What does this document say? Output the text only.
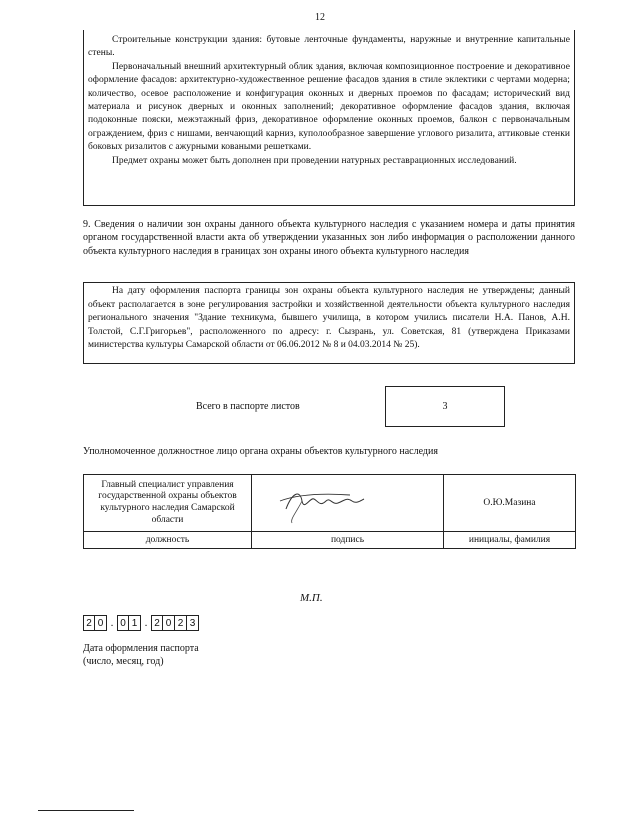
12

Строительные конструкции здания: бутовые ленточные фундаменты, наружные и внутренние капитальные стены.

Первоначальный внешний архитектурный облик здания, включая композиционное построение и декоративное оформление фасадов: архитектурно-художественное решение фасадов здания в стиле эклектики с чертами модерна; количество, осевое расположение и конфигурация оконных и дверных проемов по фасадам; исторический вид материала и рисунок дверных и оконных заполнений; декоративное оформление фасадов здания, включая подоконные пояски, межэтажный фриз, декоративное оформление оконных проемов, балкон с первоначальным ограждением, фриз с нишами, венчающий карниз, куполообразное завершение углового ризалита, аттиковые стенки боковых ризалитов с ажурными коваными решетками.

Предмет охраны может быть дополнен при проведении натурных реставрационных исследований.

9. Сведения о наличии зон охраны данного объекта культурного наследия с указанием номера и даты принятия органом государственной власти акта об утверждении указанных зон либо информация о расположении данного объекта культурного наследия в границах зон охраны иного объекта культурного наследия

На дату оформления паспорта границы зон охраны объекта культурного наследия не утверждены; данный объект располагается в зоне регулирования застройки и хозяйственной деятельности объекта культурного наследия регионального значения "Здание техникума, бывшего училища, в котором учились писатели Н.А. Панов, А.Н. Толстой, С.Г.Григорьев", расположенного по адресу: г. Сызрань, ул. Советская, 81 (утверждена Приказами министерства культуры Самарской области от 06.06.2012 № 8 и 04.03.2014 № 25).

Всего в паспорте листов	3
Уполномоченное должностное лицо органа охраны объектов культурного наследия
Главный специалист управления государственной охраны объектов культурного наследия Самарской области		О.Ю.Мазина
должность	подпись	инициалы, фамилия
М.П.
2 0 . 0 1 . 2 0 2 3
Дата оформления паспорта
(число, месяц, год)
